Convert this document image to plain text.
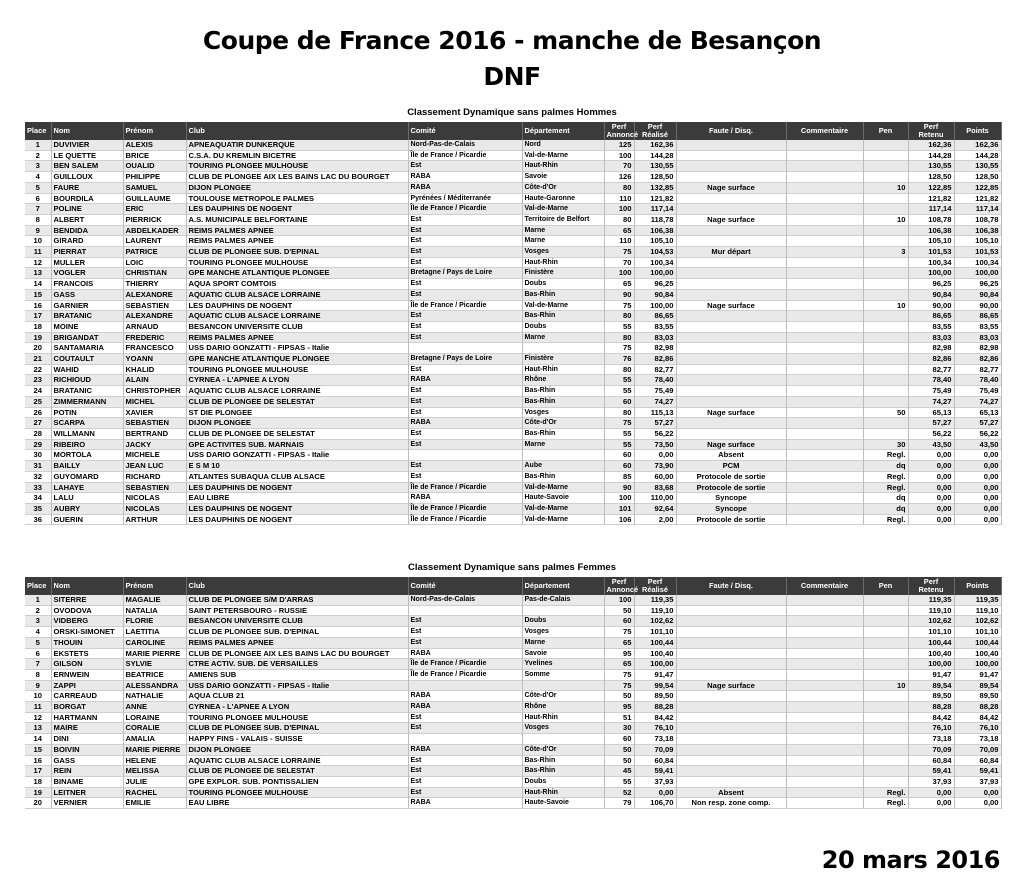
Coupe de France 2016 - manche de Besançon
DNF
Classement Dynamique sans palmes Hommes
Place	Nom	Prénom	Club	Comité	Département	Perf Annoncé	Perf Réalisé	Faute / Disq.	Commentaire	Pen	Perf Retenu	Points
1	DUVIVIER	ALEXIS	APNEAQUATIR DUNKERQUE	Nord-Pas-de-Calais	Nord	125	162,36				162,36	162,36
2	LE QUETTE	BRICE	C.S.A. DU KREMLIN BICETRE	Île de France / Picardie	Val-de-Marne	100	144,28				144,28	144,28
3	BEN SALEM	OUALID	TOURING PLONGEE MULHOUSE	Est	Haut-Rhin	70	130,55				130,55	130,55
4	GUILLOUX	PHILIPPE	CLUB DE PLONGEE AIX LES BAINS LAC DU BOURGET	RABA	Savoie	126	128,50				128,50	128,50
5	FAURE	SAMUEL	DIJON PLONGEE	RABA	Côte-d'Or	80	132,85	Nage surface		10	122,85	122,85
6	BOURDILA	GUILLAUME	TOULOUSE METROPOLE PALMES	Pyrénées / Méditerranée	Haute-Garonne	110	121,82				121,82	121,82
7	POLINE	ERIC	LES DAUPHINS DE NOGENT	Île de France / Picardie	Val-de-Marne	100	117,14				117,14	117,14
8	ALBERT	PIERRICK	A.S. MUNICIPALE BELFORTAINE	Est	Territoire de Belfort	80	118,78	Nage surface		10	108,78	108,78
9	BENDIDA	ABDELKADER	REIMS PALMES APNEE	Est	Marne	65	106,38				106,38	106,38
10	GIRARD	LAURENT	REIMS PALMES APNEE	Est	Marne	110	105,10				105,10	105,10
11	PIERRAT	PATRICE	CLUB DE PLONGEE SUB. D'EPINAL	Est	Vosges	75	104,53	Mur départ		3	101,53	101,53
12	MULLER	LOIC	TOURING PLONGEE MULHOUSE	Est	Haut-Rhin	70	100,34				100,34	100,34
13	VOGLER	CHRISTIAN	GPE MANCHE ATLANTIQUE PLONGEE	Bretagne / Pays de Loire	Finistère	100	100,00				100,00	100,00
14	FRANCOIS	THIERRY	AQUA SPORT COMTOIS	Est	Doubs	65	96,25				96,25	96,25
15	GASS	ALEXANDRE	AQUATIC CLUB ALSACE LORRAINE	Est	Bas-Rhin	90	90,84				90,84	90,84
16	GARNIER	SEBASTIEN	LES DAUPHINS DE NOGENT	Île de France / Picardie	Val-de-Marne	75	100,00	Nage surface		10	90,00	90,00
17	BRATANIC	ALEXANDRE	AQUATIC CLUB ALSACE LORRAINE	Est	Bas-Rhin	80	86,65				86,65	86,65
18	MOINE	ARNAUD	BESANCON UNIVERSITE CLUB	Est	Doubs	55	83,55				83,55	83,55
19	BRIGANDAT	FREDERIC	REIMS PALMES APNEE	Est	Marne	80	83,03				83,03	83,03
20	SANTAMARIA	FRANCESCO	USS DARIO GONZATTI - FIPSAS - Italie			75	82,98				82,98	82,98
21	COUTAULT	YOANN	GPE MANCHE ATLANTIQUE PLONGEE	Bretagne / Pays de Loire	Finistère	76	82,86				82,86	82,86
22	WAHID	KHALID	TOURING PLONGEE MULHOUSE	Est	Haut-Rhin	80	82,77				82,77	82,77
23	RICHIOUD	ALAIN	CYRNEA - L'APNEE A LYON	RABA	Rhône	55	78,40				78,40	78,40
24	BRATANIC	CHRISTOPHER	AQUATIC CLUB ALSACE LORRAINE	Est	Bas-Rhin	55	75,49				75,49	75,49
25	ZIMMERMANN	MICHEL	CLUB DE PLONGEE DE SELESTAT	Est	Bas-Rhin	60	74,27				74,27	74,27
26	POTIN	XAVIER	ST DIE PLONGEE	Est	Vosges	80	115,13	Nage surface		50	65,13	65,13
27	SCARPA	SEBASTIEN	DIJON PLONGEE	RABA	Côte-d'Or	75	57,27				57,27	57,27
28	WILLMANN	BERTRAND	CLUB DE PLONGEE DE SELESTAT	Est	Bas-Rhin	55	56,22				56,22	56,22
29	RIBEIRO	JACKY	GPE ACTIVITES SUB. MARNAIS	Est	Marne	55	73,50	Nage surface		30	43,50	43,50
30	MORTOLA	MICHELE	USS DARIO GONZATTI - FIPSAS - Italie			60	0,00	Absent		Regl.	0,00	0,00
31	BAILLY	JEAN LUC	E S M 10	Est	Aube	60	73,90	PCM		dq	0,00	0,00
32	GUYOMARD	RICHARD	ATLANTES SUBAQUA CLUB ALSACE	Est	Bas-Rhin	85	60,00	Protocole de sortie		Regl.	0,00	0,00
33	LAHAYE	SEBASTIEN	LES DAUPHINS DE NOGENT	Île de France / Picardie	Val-de-Marne	90	83,68	Protocole de sortie		Regl.	0,00	0,00
34	LALU	NICOLAS	EAU LIBRE	RABA	Haute-Savoie	100	110,00	Syncope		dq	0,00	0,00
35	AUBRY	NICOLAS	LES DAUPHINS DE NOGENT	Île de France / Picardie	Val-de-Marne	101	92,64	Syncope		dq	0,00	0,00
36	GUERIN	ARTHUR	LES DAUPHINS DE NOGENT	Île de France / Picardie	Val-de-Marne	106	2,00	Protocole de sortie		Regl.	0,00	0,00
Classement Dynamique sans palmes Femmes
Place	Nom	Prénom	Club	Comité	Département	Perf Annoncé	Perf Réalisé	Faute / Disq.	Commentaire	Pen	Perf Retenu	Points
1	SITERRE	MAGALIE	CLUB DE PLONGEE S/M D'ARRAS	Nord-Pas-de-Calais	Pas-de-Calais	100	119,35				119,35	119,35
2	OVODOVA	NATALIA	SAINT PETERSBOURG - RUSSIE			50	119,10				119,10	119,10
3	VIDBERG	FLORIE	BESANCON UNIVERSITE CLUB	Est	Doubs	60	102,62				102,62	102,62
4	ORSKI-SIMONET	LAETITIA	CLUB DE PLONGEE SUB. D'EPINAL	Est	Vosges	75	101,10				101,10	101,10
5	THOUIN	CAROLINE	REIMS PALMES APNEE	Est	Marne	65	100,44				100,44	100,44
6	EKSTETS	MARIE PIERRE	CLUB DE PLONGEE AIX LES BAINS LAC DU BOURGET	RABA	Savoie	95	100,40				100,40	100,40
7	GILSON	SYLVIE	CTRE ACTIV. SUB. DE VERSAILLES	Île de France / Picardie	Yvelines	65	100,00				100,00	100,00
8	ERNWEIN	BEATRICE	AMIENS SUB	Île de France / Picardie	Somme	75	91,47				91,47	91,47
9	ZAPPI	ALESSANDRA	USS DARIO GONZATTI - FIPSAS - Italie			75	99,54	Nage surface		10	89,54	89,54
10	CARREAUD	NATHALIE	AQUA CLUB 21	RABA	Côte-d'Or	50	89,50				89,50	89,50
11	BORGAT	ANNE	CYRNEA - L'APNEE A LYON	RABA	Rhône	95	88,28				88,28	88,28
12	HARTMANN	LORAINE	TOURING PLONGEE MULHOUSE	Est	Haut-Rhin	51	84,42				84,42	84,42
13	MAIRE	CORALIE	CLUB DE PLONGEE SUB. D'EPINAL	Est	Vosges	30	76,10				76,10	76,10
14	DINI	AMALIA	HAPPY FINS - VALAIS - SUISSE			60	73,18				73,18	73,18
15	BOIVIN	MARIE PIERRE	DIJON PLONGEE	RABA	Côte-d'Or	50	70,09				70,09	70,09
16	GASS	HELENE	AQUATIC CLUB ALSACE LORRAINE	Est	Bas-Rhin	50	60,84				60,84	60,84
17	REIN	MELISSA	CLUB DE PLONGEE DE SELESTAT	Est	Bas-Rhin	45	59,41				59,41	59,41
18	BINAME	JULIE	GPE EXPLOR. SUB. PONTISSALIEN	Est	Doubs	55	37,93				37,93	37,93
19	LEITNER	RACHEL	TOURING PLONGEE MULHOUSE	Est	Haut-Rhin	52	0,00	Absent		Regl.	0,00	0,00
20	VERNIER	EMILIE	EAU LIBRE	RABA	Haute-Savoie	79	106,70	Non resp. zone comp.		Regl.	0,00	0,00
20 mars 2016
